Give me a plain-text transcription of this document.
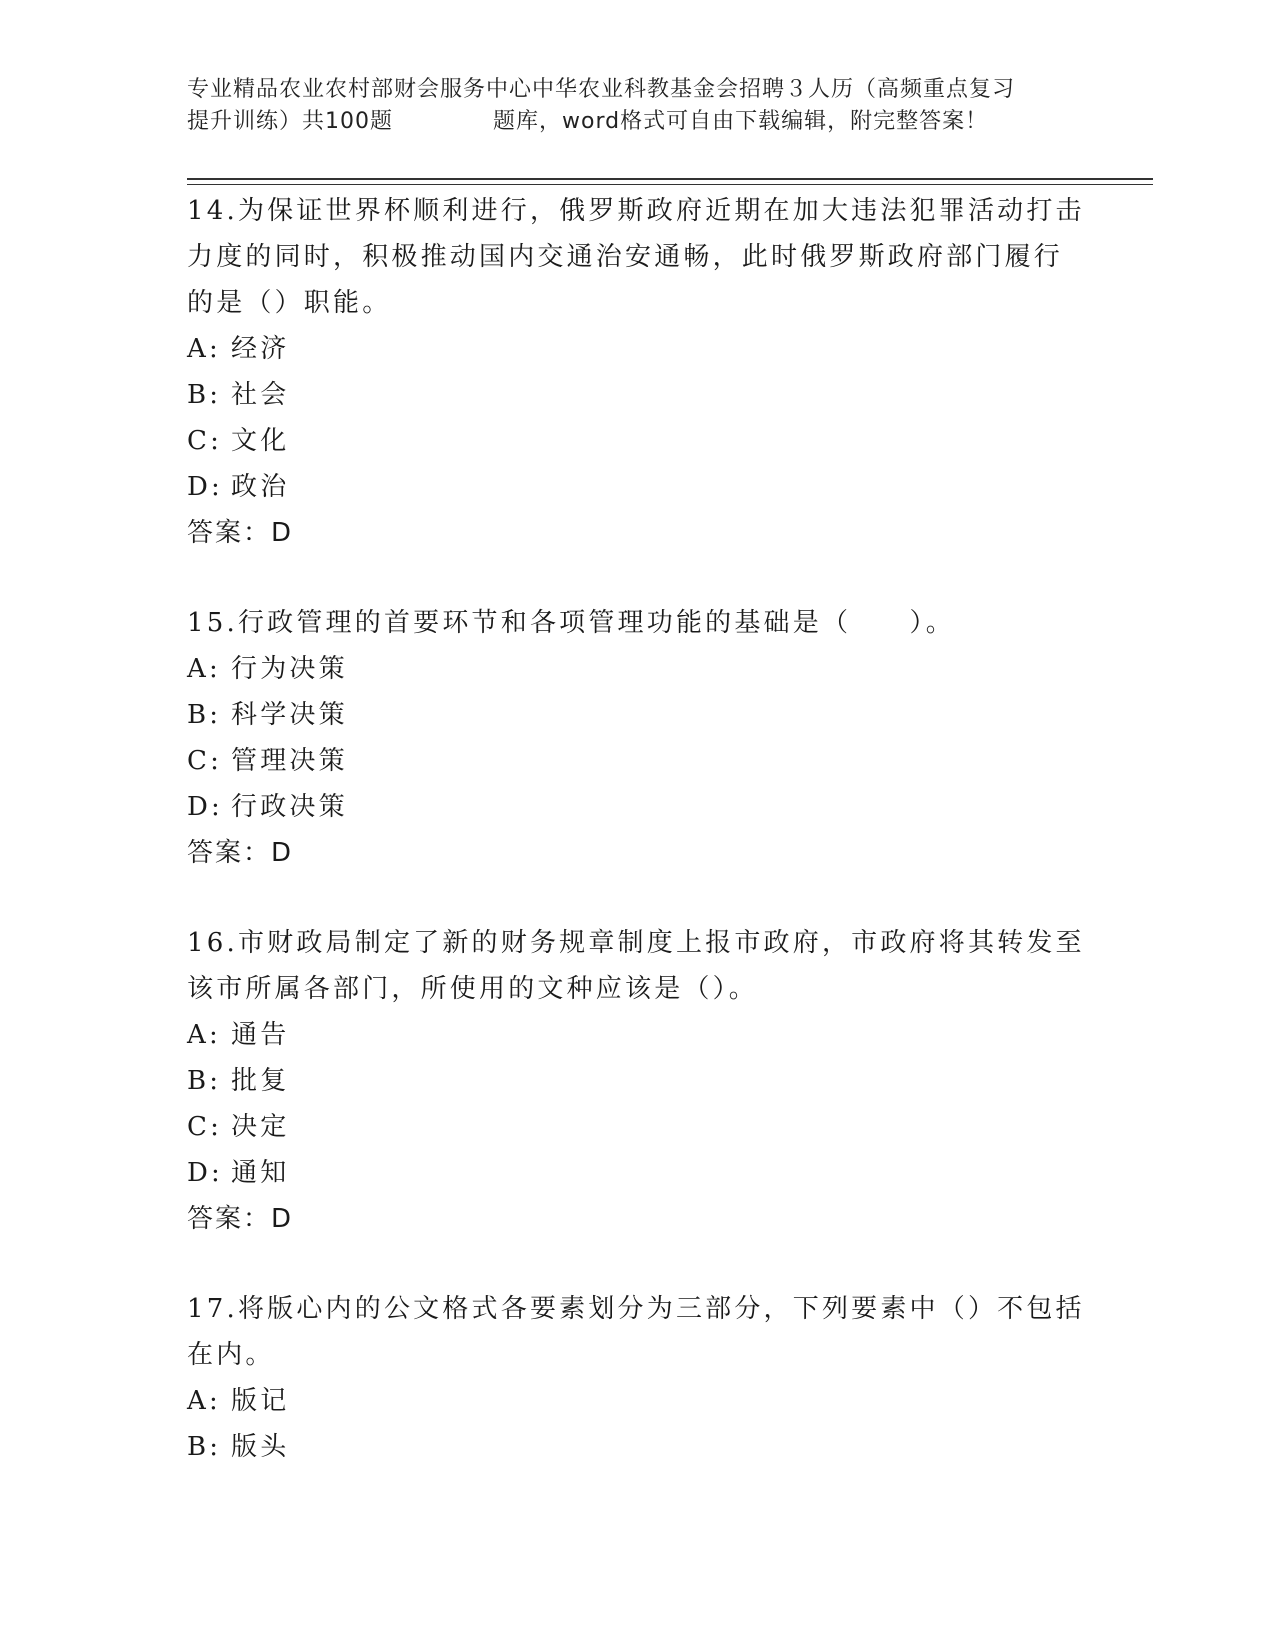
专业精品农业农村部财会服务中心中华农业科教基金会招聘３人历（高频重点复习
提升训练）共100题	题库，word格式可自由下载编辑，附完整答案！

14.为保证世界杯顺利进行，俄罗斯政府近期在加大违法犯罪活动打击

力度的同时，积极推动国内交通治安通畅，此时俄罗斯政府部门履行

的是（）职能。

A: 经济

B: 社会

C: 文化

D: 政治

答案：D

15.行政管理的首要环节和各项管理功能的基础是（　　）。

A: 行为决策

B: 科学决策

C: 管理决策

D: 行政决策

答案：D

16.市财政局制定了新的财务规章制度上报市政府，市政府将其转发至

该市所属各部门，所使用的文种应该是（）。

A: 通告

B: 批复

C: 决定

D: 通知

答案：D

17.将版心内的公文格式各要素划分为三部分，下列要素中（）不包括

在内。

A: 版记

B: 版头
